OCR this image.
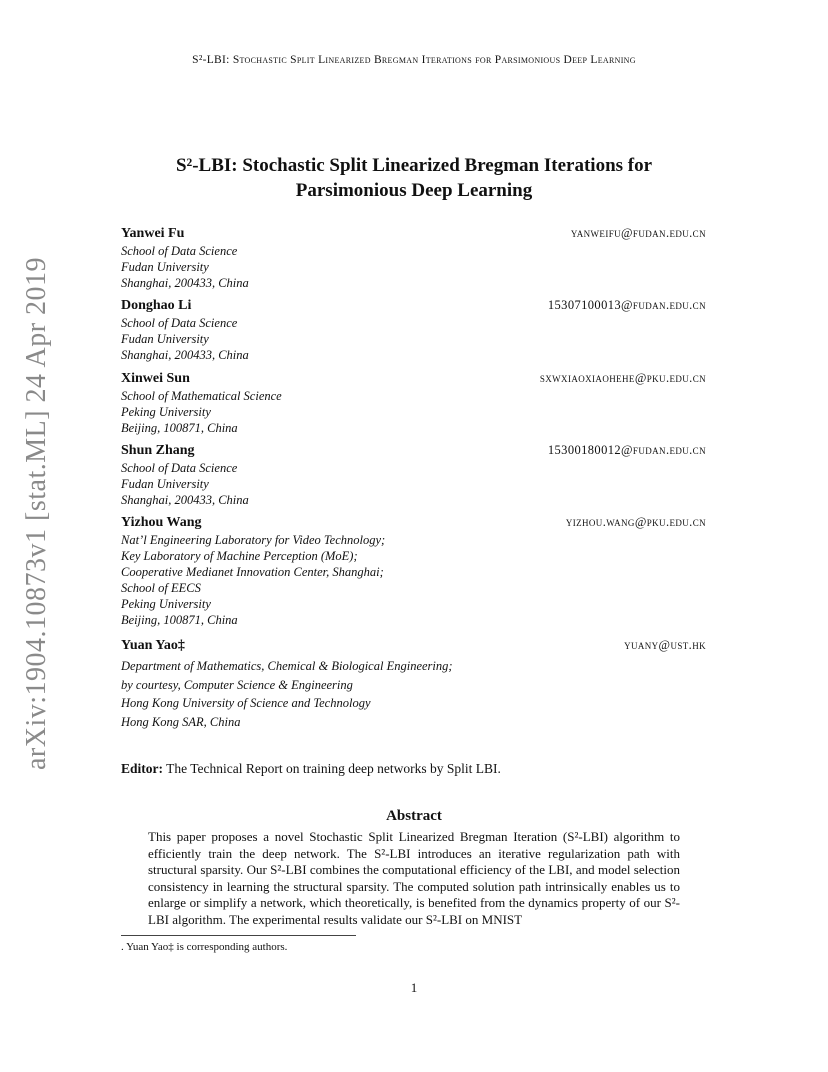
S²-LBI: Stochastic Split Linearized Bregman Iterations for Parsimonious Deep Learning
arXiv:1904.10873v1 [stat.ML] 24 Apr 2019
S²-LBI: Stochastic Split Linearized Bregman Iterations for
Parsimonious Deep Learning
Yanwei Fu	yanweifu@fudan.edu.cn
School of Data Science
Fudan University
Shanghai, 200433, China
Donghao Li	15307100013@fudan.edu.cn
School of Data Science
Fudan University
Shanghai, 200433, China
Xinwei Sun	sxwxiaoxiaohehe@pku.edu.cn
School of Mathematical Science
Peking University
Beijing, 100871, China
Shun Zhang	15300180012@fudan.edu.cn
School of Data Science
Fudan University
Shanghai, 200433, China
Yizhou Wang	yizhou.wang@pku.edu.cn
Nat’l Engineering Laboratory for Video Technology;
Key Laboratory of Machine Perception (MoE);
Cooperative Medianet Innovation Center, Shanghai;
School of EECS
Peking University
Beijing, 100871, China
Yuan Yao‡	yuany@ust.hk
Department of Mathematics, Chemical & Biological Engineering;
by courtesy, Computer Science & Engineering
Hong Kong University of Science and Technology
Hong Kong SAR, China
Editor: The Technical Report on training deep networks by Split LBI.
Abstract
This paper proposes a novel Stochastic Split Linearized Bregman Iteration (S²-LBI) algorithm to efficiently train the deep network. The S²-LBI introduces an iterative regularization path with structural sparsity. Our S²-LBI combines the computational efficiency of the LBI, and model selection consistency in learning the structural sparsity. The computed solution path intrinsically enables us to enlarge or simplify a network, which theoretically, is benefited from the dynamics property of our S²-LBI algorithm. The experimental results validate our S²-LBI on MNIST
. Yuan Yao‡ is corresponding authors.
1
